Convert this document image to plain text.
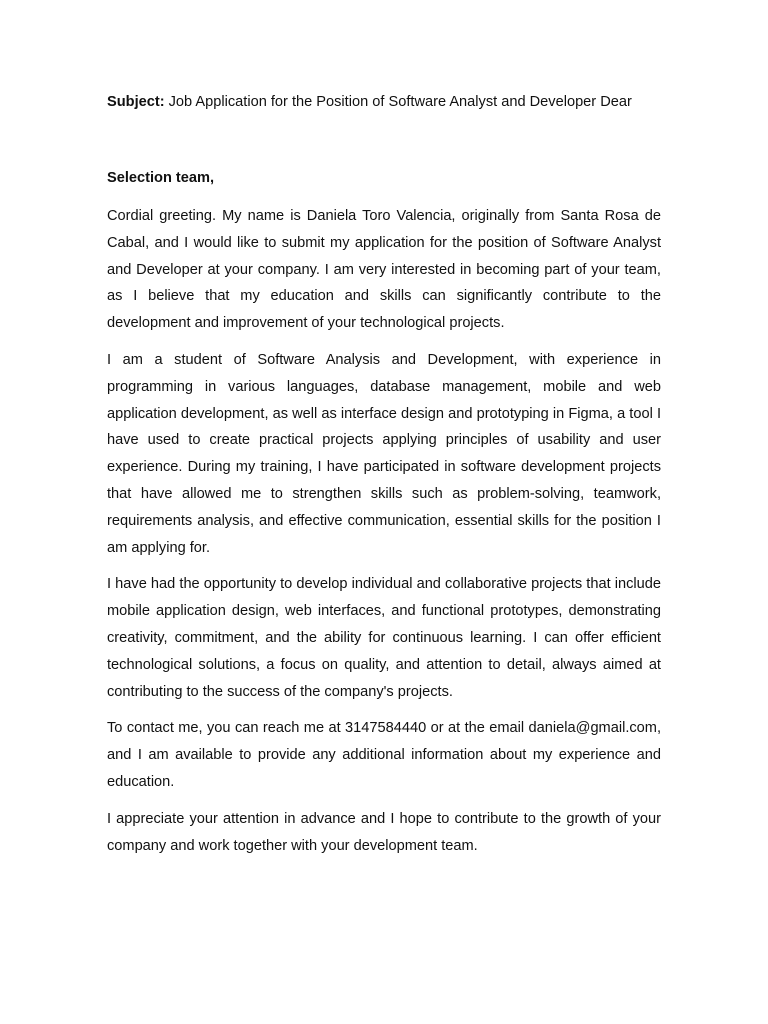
Subject: Job Application for the Position of Software Analyst and Developer Dear

Selection team,

Cordial greeting. My name is Daniela Toro Valencia, originally from Santa Rosa de Cabal, and I would like to submit my application for the position of Software Analyst and Developer at your company. I am very interested in becoming part of your team, as I believe that my education and skills can significantly contribute to the development and improvement of your technological projects.

I am a student of Software Analysis and Development, with experience in programming in various languages, database management, mobile and web application development, as well as interface design and prototyping in Figma, a tool I have used to create practical projects applying principles of usability and user experience. During my training, I have participated in software development projects that have allowed me to strengthen skills such as problem-solving, teamwork, requirements analysis, and effective communication, essential skills for the position I am applying for.

I have had the opportunity to develop individual and collaborative projects that include mobile application design, web interfaces, and functional prototypes, demonstrating creativity, commitment, and the ability for continuous learning. I can offer efficient technological solutions, a focus on quality, and attention to detail, always aimed at contributing to the success of the company's projects.

To contact me, you can reach me at 3147584440 or at the email daniela@gmail.com, and I am available to provide any additional information about my experience and education.

I appreciate your attention in advance and I hope to contribute to the growth of your company and work together with your development team.
